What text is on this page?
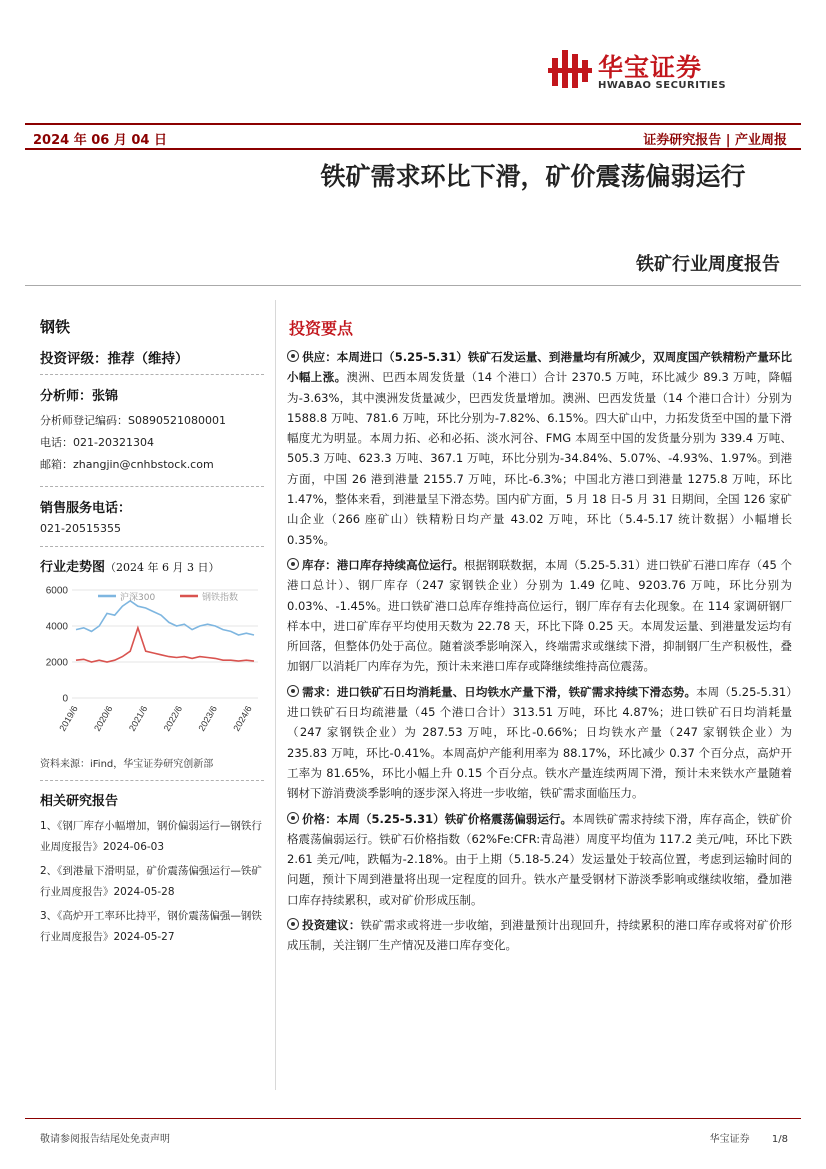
华宝证券
HWABAO SECURITIES
2024 年 06 月 04 日	证券研究报告 | 产业周报
铁矿需求环比下滑，矿价震荡偏弱运行
铁矿行业周度报告
钢铁
投资评级：推荐（维持）
分析师：张锦
分析师登记编码：S0890521080001
电话：021-20321304
邮箱：zhangjin@cnhbstock.com
销售服务电话：
021-20515355
行业走势图（2024 年 6 月 3 日）
0
2000
4000
6000
2019/6 2020/6 2021/6 2022/6 2023/6 2024/6
沪深300	钢铁指数
资料来源：iFind，华宝证券研究创新部
相关研究报告
1、《钢厂库存小幅增加，钢价偏弱运行—钢铁行业周度报告》2024-06-03
2、《到港量下滑明显，矿价震荡偏强运行—铁矿行业周度报告》2024-05-28
3、《高炉开工率环比持平，钢价震荡偏强—钢铁行业周度报告》2024-05-27
投资要点

供应：本周进口（5.25-5.31）铁矿石发运量、到港量均有所减少，双周度国产铁精粉产量环比小幅上涨。澳洲、巴西本周发货量（14 个港口）合计 2370.5 万吨，环比减少 89.3 万吨，降幅为-3.63%，其中澳洲发货量减少，巴西发货量增加。澳洲、巴西发货量（14 个港口合计）分别为 1588.8 万吨、781.6 万吨，环比分别为-7.82%、6.15%。四大矿山中，力拓发货至中国的量下滑幅度尤为明显。本周力拓、必和必拓、淡水河谷、FMG 本周至中国的发货量分别为 339.4 万吨、505.3 万吨、623.3 万吨、367.1 万吨，环比分别为-34.84%、5.07%、-4.93%、1.97%。到港方面，中国 26 港到港量 2155.7 万吨，环比-6.3%；中国北方港口到港量 1275.8 万吨，环比 1.47%，整体来看，到港量呈下滑态势。国内矿方面，5 月 18 日-5 月 31 日期间，全国 126 家矿山企业（266 座矿山）铁精粉日均产量 43.02 万吨，环比（5.4-5.17 统计数据）小幅增长 0.35%。

库存：港口库存持续高位运行。根据钢联数据，本周（5.25-5.31）进口铁矿石港口库存（45 个港口总计）、钢厂库存（247 家钢铁企业）分别为 1.49 亿吨、9203.76 万吨，环比分别为 0.03%、-1.45%。进口铁矿港口总库存维持高位运行，钢厂库存有去化现象。在 114 家调研钢厂样本中，进口矿库存平均使用天数为 22.78 天，环比下降 0.25 天。本周发运量、到港量发运均有所回落，但整体仍处于高位。随着淡季影响深入，终端需求或继续下滑，抑制钢厂生产积极性，叠加钢厂以消耗厂内库存为先，预计未来港口库存或降继续维持高位震荡。

需求：进口铁矿石日均消耗量、日均铁水产量下滑，铁矿需求持续下滑态势。本周（5.25-5.31）进口铁矿石日均疏港量（45 个港口合计）313.51 万吨，环比 4.87%；进口铁矿石日均消耗量（247 家钢铁企业）为 287.53 万吨，环比-0.66%；日均铁水产量（247 家钢铁企业）为 235.83 万吨，环比-0.41%。本周高炉产能利用率为 88.17%，环比减少 0.37 个百分点，高炉开工率为 81.65%，环比小幅上升 0.15 个百分点。铁水产量连续两周下滑，预计未来铁水产量随着钢材下游消费淡季影响的逐步深入将进一步收缩，铁矿需求面临压力。

价格：本周（5.25-5.31）铁矿价格震荡偏弱运行。本周铁矿需求持续下滑，库存高企，铁矿价格震荡偏弱运行。铁矿石价格指数（62%Fe:CFR:青岛港）周度平均值为 117.2 美元/吨，环比下跌 2.61 美元/吨，跌幅为-2.18%。由于上期（5.18-5.24）发运量处于较高位置，考虑到运输时间的问题，预计下周到港量将出现一定程度的回升。铁水产量受钢材下游淡季影响或继续收缩，叠加港口库存持续累积，或对矿价形成压制。

投资建议：铁矿需求或将进一步收缩，到港量预计出现回升，持续累积的港口库存或将对矿价形成压制，关注钢厂生产情况及港口库存变化。

敬请参阅报告结尾处免责声明	华宝证券 1/8
